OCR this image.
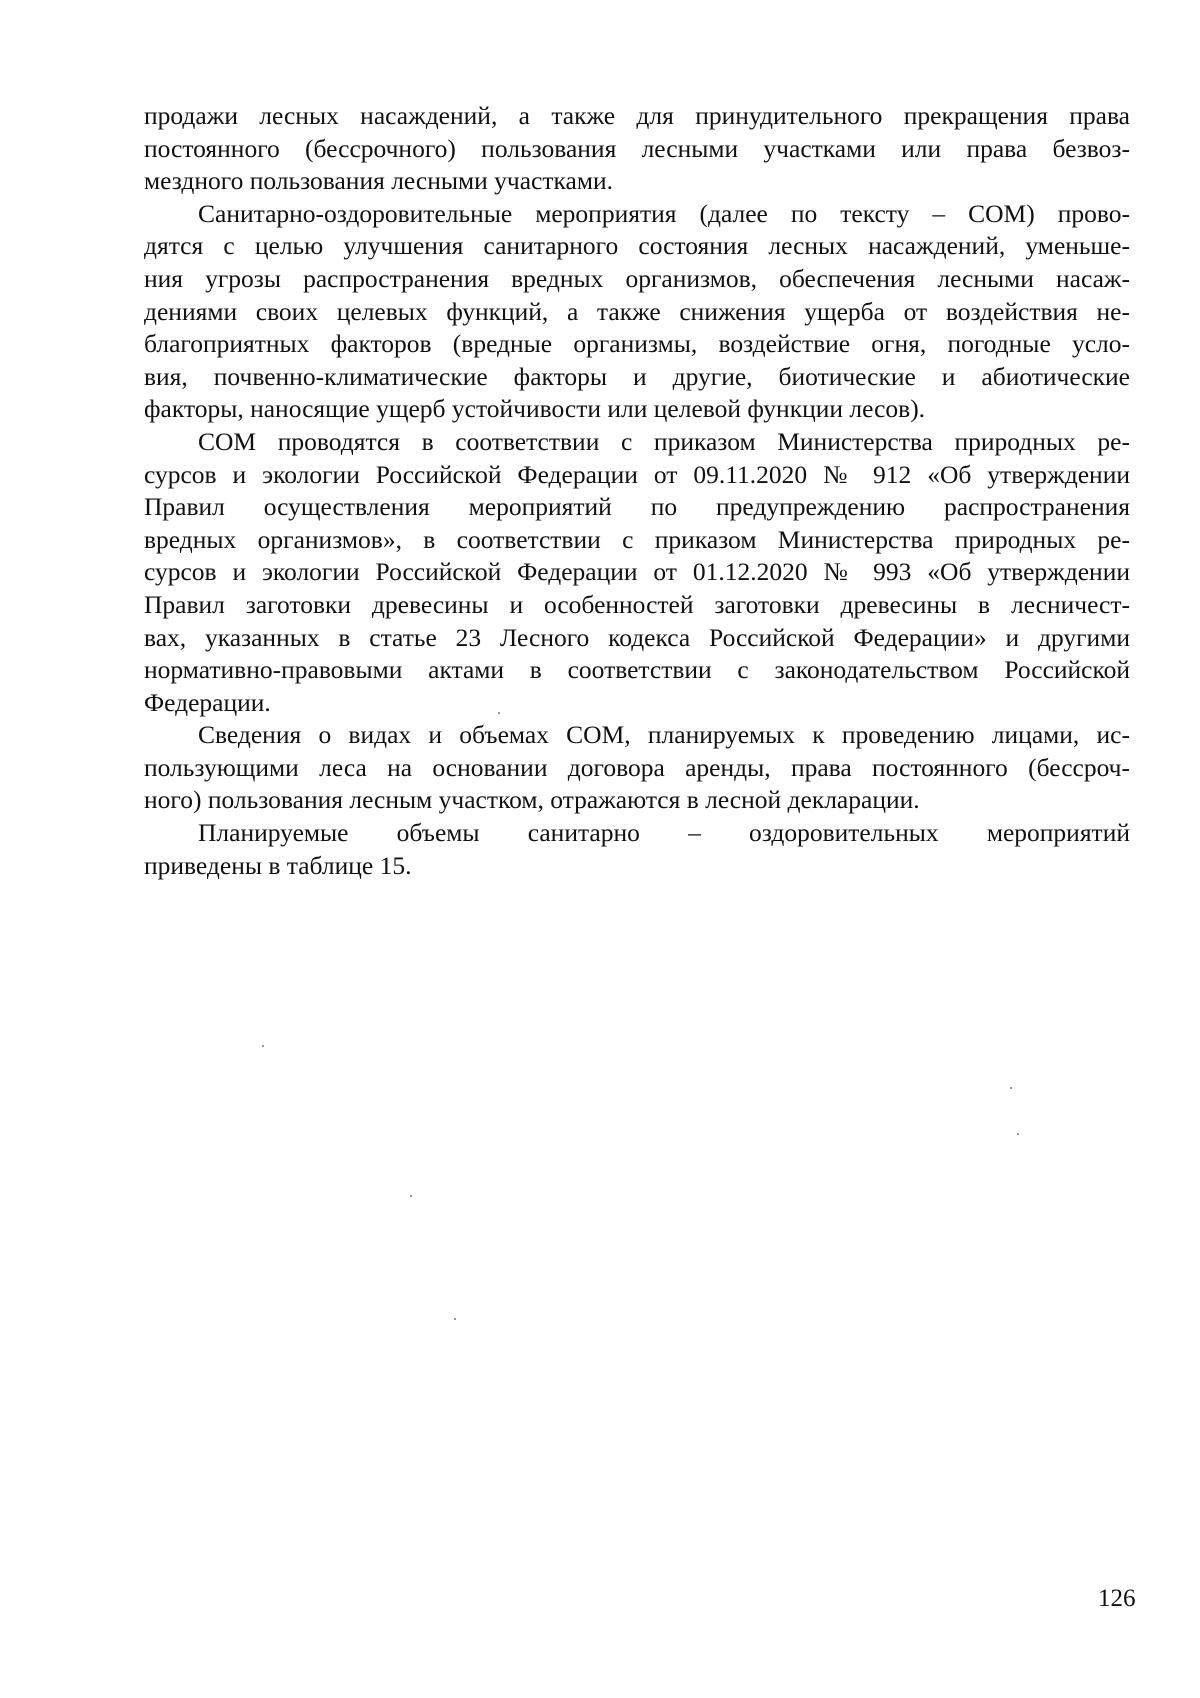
продажи лесных насаждений, а также для принудительного прекращения права
постоянного (бессрочного) пользования лесными участками или права безвоз-
мездного пользования лесными участками.

Санитарно-оздоровительные мероприятия (далее по тексту – СОМ) прово-
дятся с целью улучшения санитарного состояния лесных насаждений, уменьше-
ния угрозы распространения вредных организмов, обеспечения лесными насаж-
дениями своих целевых функций, а также снижения ущерба от воздействия не-
благоприятных факторов (вредные организмы, воздействие огня, погодные усло-
вия, почвенно-климатические факторы и другие, биотические и абиотические
факторы, наносящие ущерб устойчивости или целевой функции лесов).

СОМ проводятся в соответствии с приказом Министерства природных ре-
сурсов и экологии Российской Федерации от 09.11.2020 № 912 «Об утверждении
Правил осуществления мероприятий по предупреждению распространения
вредных организмов», в соответствии с приказом Министерства природных ре-
сурсов и экологии Российской Федерации от 01.12.2020 № 993 «Об утверждении
Правил заготовки древесины и особенностей заготовки древесины в лесничест-
вах, указанных в статье 23 Лесного кодекса Российской Федерации» и другими
нормативно-правовыми актами в соответствии с законодательством Российской
Федерации.

Сведения о видах и объемах СОМ, планируемых к проведению лицами, ис-
пользующими леса на основании договора аренды, права постоянного (бессроч-
ного) пользования лесным участком, отражаются в лесной декларации.

Планируемые объемы санитарно – оздоровительных мероприятий
приведены в таблице 15.

126
